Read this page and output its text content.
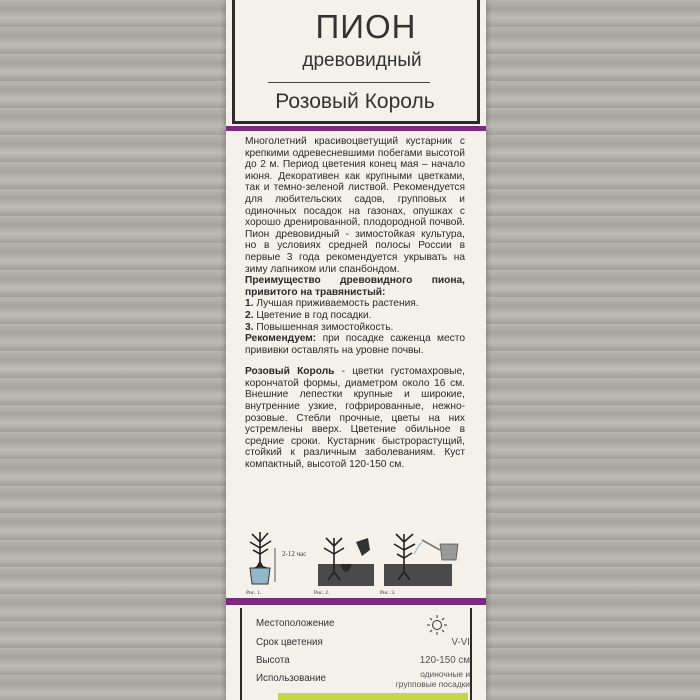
ПИОН
древовидный
Розовый Король

Многолетний красивоцветущий кустарник с крепкими одревесневшими побегами высотой до 2 м. Период цветения конец мая – начало июня. Декоративен как крупными цветками, так и темно-зеленой листвой. Рекомендуется для любительских садов, групповых и одиночных посадок на газонах, опушках с хорошо дренированной, плодородной почвой. Пион древовидный - зимостойкая культура, но в условиях средней полосы России в первые 3 года рекомендуется укрывать на зиму лапником или спанбондом.

Преимущество древовидного пиона, привитого на травянистый:

1. Лучшая приживаемость растения.

2. Цветение в год посадки.

3. Повышенная зимостойкость.

Рекомендуем: при посадке саженца место прививки оставлять на уровне почвы.

Розовый Король - цветки густомахровые, корончатой формы, диаметром около 16 см. Внешние лепестки крупные и широкие, внутренние узкие, гофрированные, нежно-розовые. Стебли прочные, цветы на них устремлены вверх. Цветение обильное в средние сроки. Кустарник быстрорастущий, стойкий к различным заболеваниям. Куст компактный, высотой 120-150 см.

2-12 час
Рис. 1.	Рис. 2.	Рис. 3.
Местоположение
Срок цветения	V-VI
Высота	120-150 см
Использование	одиночные и
групповые посадки
